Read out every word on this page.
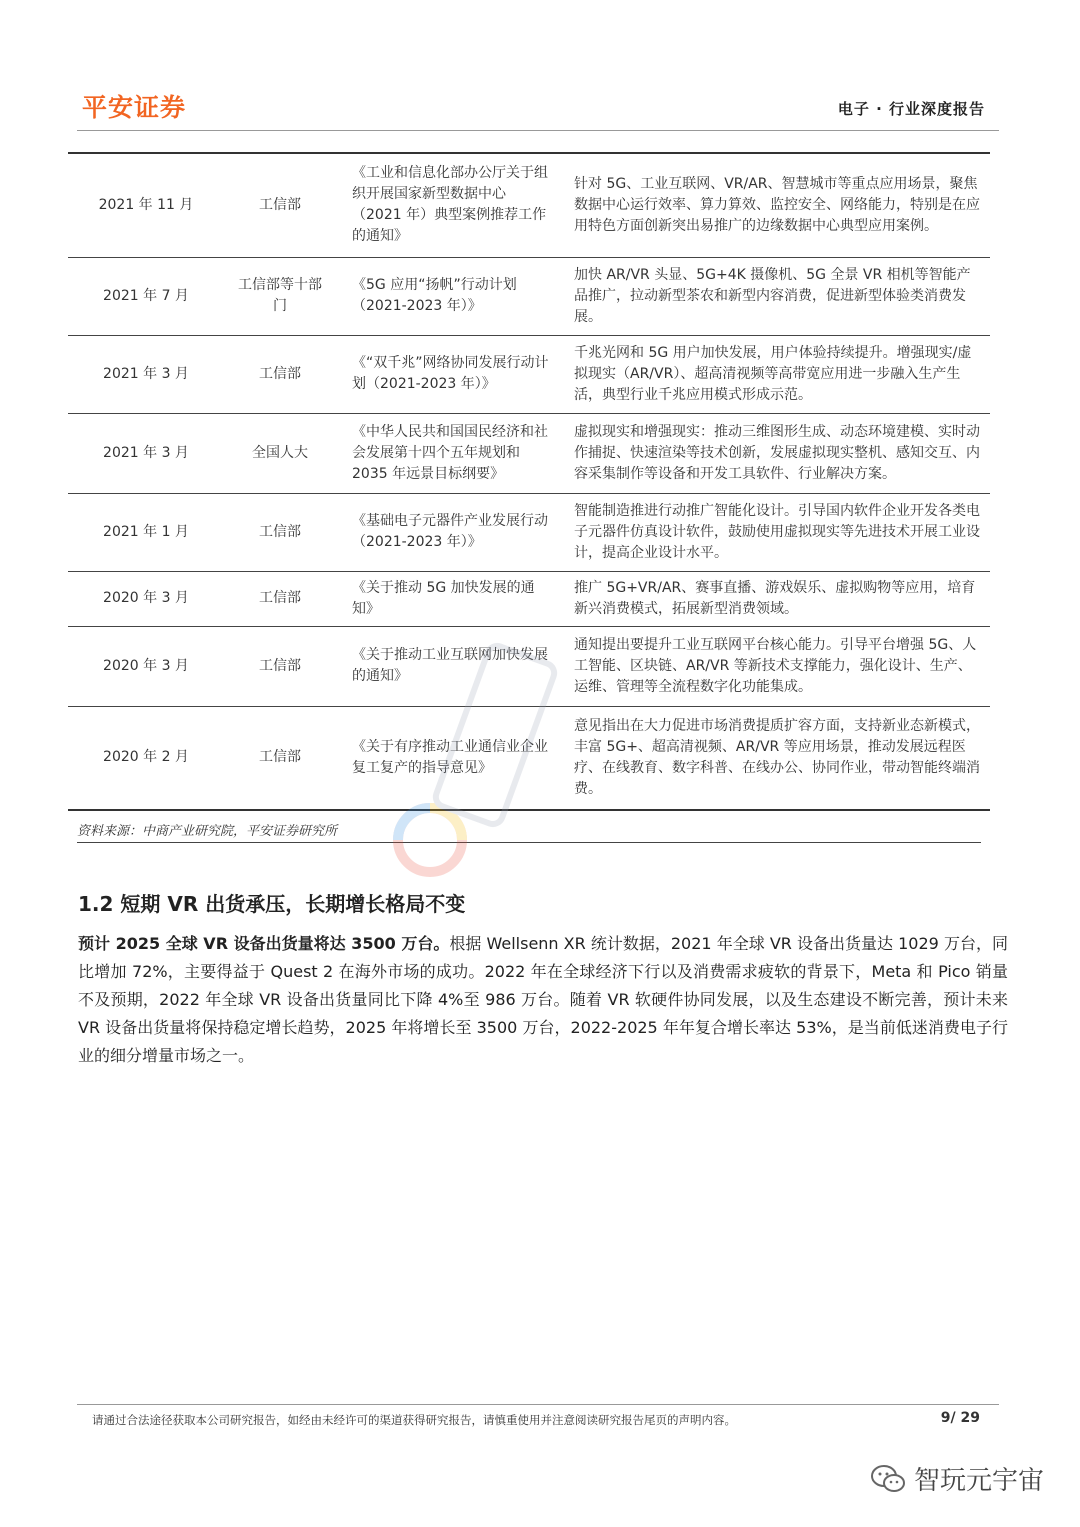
平安证券	电子 · 行业深度报告
2021 年 11 月	工信部	《工业和信息化部办公厅关于组织开展国家新型数据中心（2021 年）典型案例推荐工作的通知》	针对 5G、工业互联网、VR/AR、智慧城市等重点应用场景，聚焦数据中心运行效率、算力算效、监控安全、网络能力，特别是在应用特色方面创新突出易推广的边缘数据中心典型应用案例。
2021 年 7 月	工信部等十部门	《5G 应用“扬帆”行动计划（2021-2023 年）》	加快 AR/VR 头显、5G+4K 摄像机、5G 全景 VR 相机等智能产品推广，拉动新型茶农和新型内容消费，促进新型体验类消费发展。
2021 年 3 月	工信部	《“双千兆”网络协同发展行动计划（2021-2023 年）》	千兆光网和 5G 用户加快发展，用户体验持续提升。增强现实/虚拟现实（AR/VR）、超高清视频等高带宽应用进一步融入生产生活，典型行业千兆应用模式形成示范。
2021 年 3 月	全国人大	《中华人民共和国国民经济和社会发展第十四个五年规划和 2035 年远景目标纲要》	虚拟现实和增强现实：推动三维图形生成、动态环境建模、实时动作捕捉、快速渲染等技术创新，发展虚拟现实整机、感知交互、内容采集制作等设备和开发工具软件、行业解决方案。
2021 年 1 月	工信部	《基础电子元器件产业发展行动（2021-2023 年）》	智能制造推进行动推广智能化设计。引导国内软件企业开发各类电子元器件仿真设计软件，鼓励使用虚拟现实等先进技术开展工业设计，提高企业设计水平。
2020 年 3 月	工信部	《关于推动 5G 加快发展的通知》	推广 5G+VR/AR、赛事直播、游戏娱乐、虚拟购物等应用，培育新兴消费模式，拓展新型消费领域。
2020 年 3 月	工信部	《关于推动工业互联网加快发展的通知》	通知提出要提升工业互联网平台核心能力。引导平台增强 5G、人工智能、区块链、AR/VR 等新技术支撑能力，强化设计、生产、运维、管理等全流程数字化功能集成。
2020 年 2 月	工信部	《关于有序推动工业通信业企业复工复产的指导意见》	意见指出在大力促进市场消费提质扩容方面，支持新业态新模式，丰富 5G+、超高清视频、AR/VR 等应用场景，推动发展远程医疗、在线教育、数字科普、在线办公、协同作业，带动智能终端消费。
资料来源：中商产业研究院，平安证券研究所
1.2 短期 VR 出货承压，长期增长格局不变

预计 2025 全球 VR 设备出货量将达 3500 万台。根据 Wellsenn XR 统计数据，2021 年全球 VR 设备出货量达 1029 万台，同比增加 72%，主要得益于 Quest 2 在海外市场的成功。2022 年在全球经济下行以及消费需求疲软的背景下，Meta 和 Pico 销量不及预期，2022 年全球 VR 设备出货量同比下降 4%至 986 万台。随着 VR 软硬件协同发展，以及生态建设不断完善，预计未来 VR 设备出货量将保持稳定增长趋势，2025 年将增长至 3500 万台，2022-2025 年年复合增长率达 53%，是当前低迷消费电子行业的细分增量市场之一。

请通过合法途径获取本公司研究报告，如经由未经许可的渠道获得研究报告，请慎重使用并注意阅读研究报告尾页的声明内容。	9/ 29
智玩元宇宙
